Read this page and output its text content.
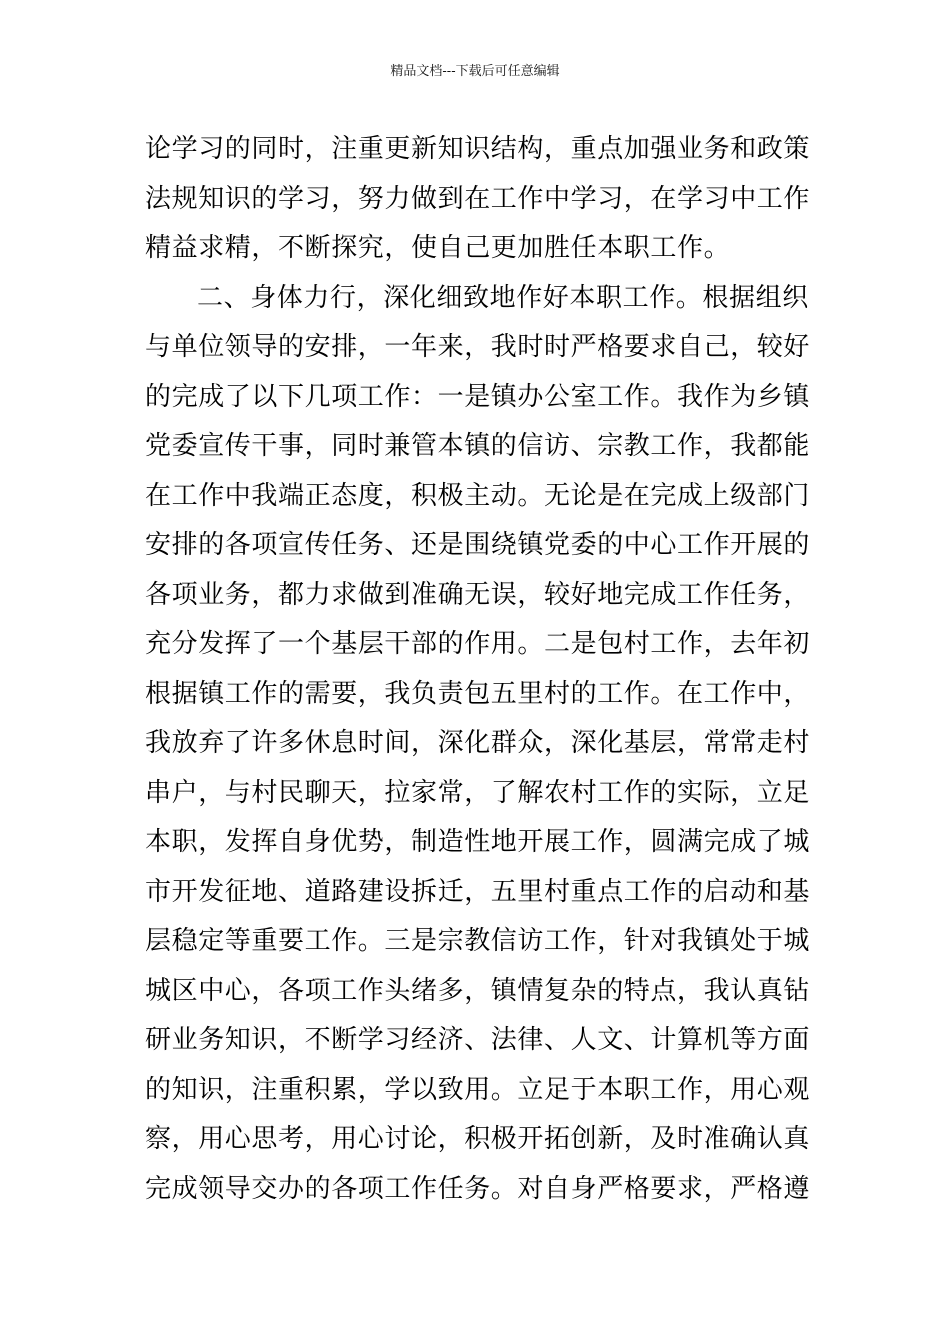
精品文档---下载后可任意编辑
论学习的同时，注重更新知识结构，重点加强业务和政策
法规知识的学习，努力做到在工作中学习，在学习中工作
精益求精，不断探究，使自己更加胜任本职工作。
二、身体力行，深化细致地作好本职工作。根据组织
与单位领导的安排，一年来，我时时严格要求自己，较好
的完成了以下几项工作：一是镇办公室工作。我作为乡镇
党委宣传干事，同时兼管本镇的信访、宗教工作，我都能
在工作中我端正态度，积极主动。无论是在完成上级部门
安排的各项宣传任务、还是围绕镇党委的中心工作开展的
各项业务，都力求做到准确无误，较好地完成工作任务，
充分发挥了一个基层干部的作用。二是包村工作，去年初
根据镇工作的需要，我负责包五里村的工作。在工作中，
我放弃了许多休息时间，深化群众，深化基层，常常走村
串户，与村民聊天，拉家常，了解农村工作的实际，立足
本职，发挥自身优势，制造性地开展工作，圆满完成了城
市开发征地、道路建设拆迁，五里村重点工作的启动和基
层稳定等重要工作。三是宗教信访工作，针对我镇处于城
城区中心，各项工作头绪多，镇情复杂的特点，我认真钻
研业务知识，不断学习经济、法律、人文、计算机等方面
的知识，注重积累，学以致用。立足于本职工作，用心观
察，用心思考，用心讨论，积极开拓创新，及时准确认真
完成领导交办的各项工作任务。对自身严格要求，严格遵
